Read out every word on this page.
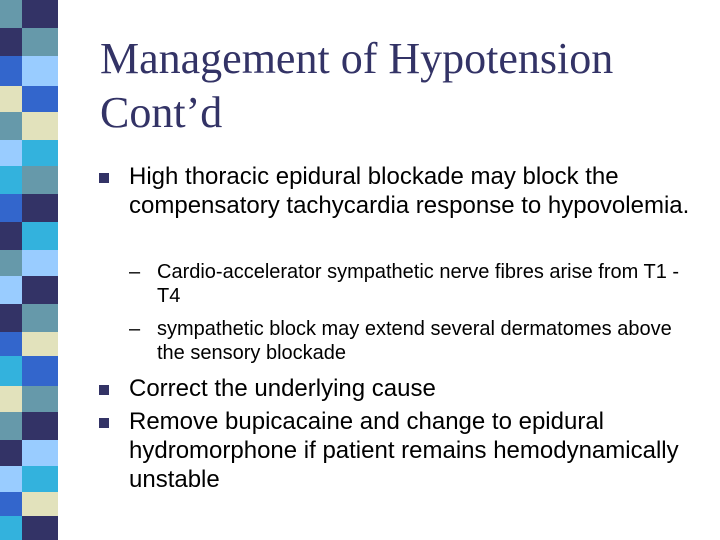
Management of Hypotension
Cont’d

High thoracic epidural blockade may block the compensatory tachycardia response to hypovolemia.

– Cardio-accelerator sympathetic nerve fibres arise from T1 - T4

– sympathetic block may extend several dermatomes above the sensory blockade

Correct the underlying cause

Remove bupicacaine and change to epidural hydromorphone if patient remains hemodynamically unstable
